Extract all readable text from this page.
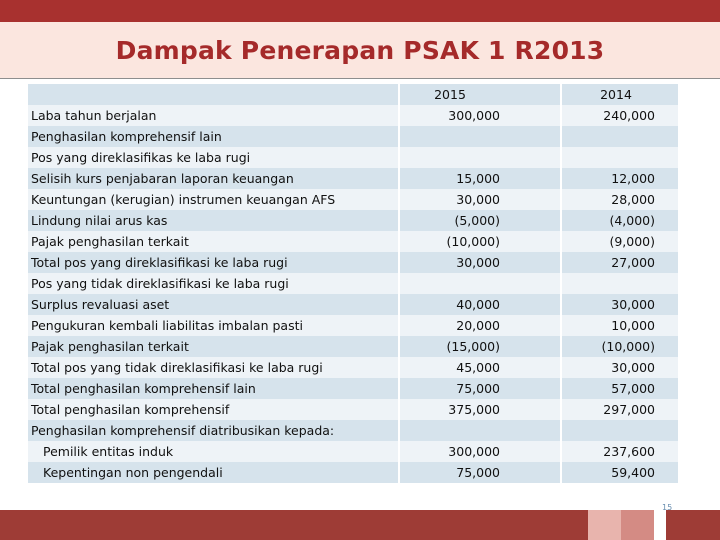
Dampak Penerapan PSAK 1 R2013
2015	2014
Laba tahun berjalan	300,000	240,000
Penghasilan komprehensif lain
Pos yang direklasifikas ke laba rugi
Selisih kurs penjabaran laporan keuangan	15,000	12,000
Keuntungan (kerugian) instrumen keuangan AFS	30,000	28,000
Lindung nilai arus kas	(5,000)	(4,000)
Pajak penghasilan terkait	(10,000)	(9,000)
Total pos yang direklasifikasi ke laba rugi	30,000	27,000
Pos yang tidak direklasifikasi ke laba rugi
Surplus revaluasi aset	40,000	30,000
Pengukuran kembali liabilitas imbalan pasti	20,000	10,000
Pajak penghasilan terkait	(15,000)	(10,000)
Total pos yang tidak direklasifikasi ke laba rugi	45,000	30,000
Total penghasilan komprehensif lain	75,000	57,000
Total penghasilan komprehensif	375,000	297,000
Penghasilan komprehensif diatribusikan kepada:
Pemilik entitas induk	300,000	237,600
Kepentingan non pengendali	75,000	59,400
15
